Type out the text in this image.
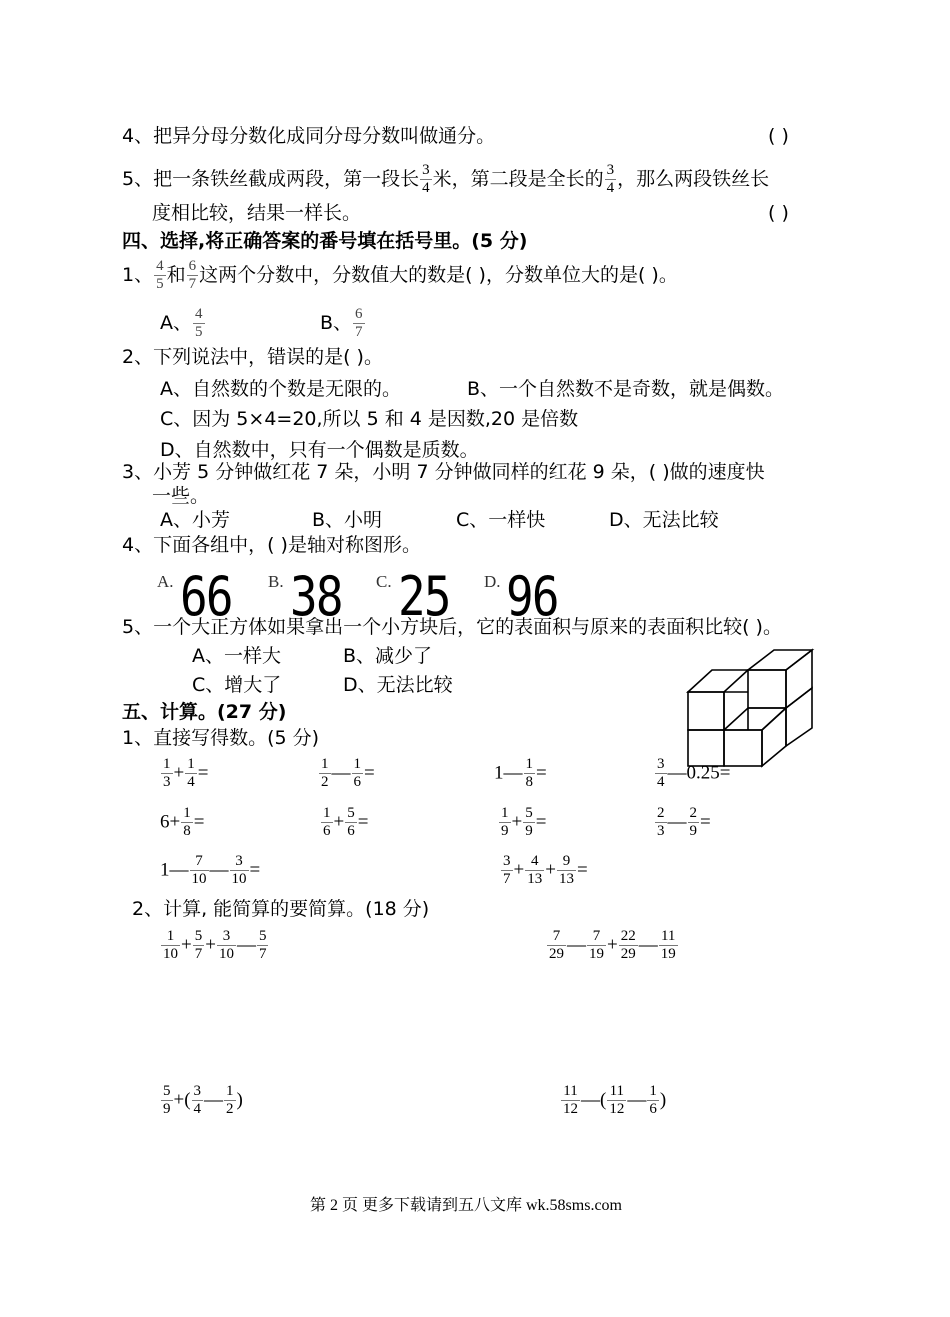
4、把异分母分数化成同分母分数叫做通分。	( )
5、把一条铁丝截成两段，第一段长 $\frac{3}{4}$ 米，第二段是全长的 $\frac{3}{4}$ ，那么两段铁丝长
度相比较，结果一样长。	( )
四、选择,将正确答案的番号填在括号里。(5 分)
1、 $\frac{4}{5}$ 和 $\frac{6}{7}$ 这两个分数中，分数值大的数是( )，分数单位大的是( )。
A、 $\frac{4}{5}$	B、 $\frac{6}{7}$
2、下列说法中，错误的是( )。
A、自然数的个数是无限的。	B、一个自然数不是奇数，就是偶数。
C、因为 5×4=20,所以 5 和 4 是因数,20 是倍数
D、自然数中，只有一个偶数是质数。
3、小芳 5 分钟做红花 7 朵，小明 7 分钟做同样的红花 9 朵，( )做的速度快
一些。
A、小芳	B、小明	C、一样快	D、无法比较
4、下面各组中，( )是轴对称图形。
A. 66 B. 38 C. 25 D. 96
5、一个大正方体如果拿出一个小方块后，它的表面积与原来的表面积比较( )。
A、一样大	B、减少了
C、增大了	D、无法比较
五、计算。(27 分)
1、直接写得数。(5 分)
$\frac{1}{3} + \frac{1}{4}$ =	$\frac{1}{2}$ — $\frac{1}{6}$ =	1— $\frac{1}{8}$ =	$\frac{3}{4}$ —0.25=
$6+ \frac{1}{8}$ =	$\frac{1}{6} + \frac{5}{6}$ =	$\frac{1}{9} + \frac{5}{9}$ =	$\frac{2}{3}$ — $\frac{2}{9}$ =
1— $\frac{7}{10}$ — $\frac{3}{10}$ =	$\frac{3}{7} + \frac{4}{13} + \frac{9}{13}$ =
2、计算, 能简算的要简算。(18 分)
$\frac{1}{10} + \frac{5}{7} + \frac{3}{10}$ — $\frac{5}{7}$	$\frac{7}{29}$ — $\frac{7}{19} + \frac{22}{29}$ — $\frac{11}{19}$
$\frac{5}{9}$ +( $\frac{3}{4}$ — $\frac{1}{2}$ )	$\frac{11}{12}$ —( $\frac{11}{12}$ — $\frac{1}{6}$ )
第 2 页 更多下载请到五八文库 wk.58sms.com
